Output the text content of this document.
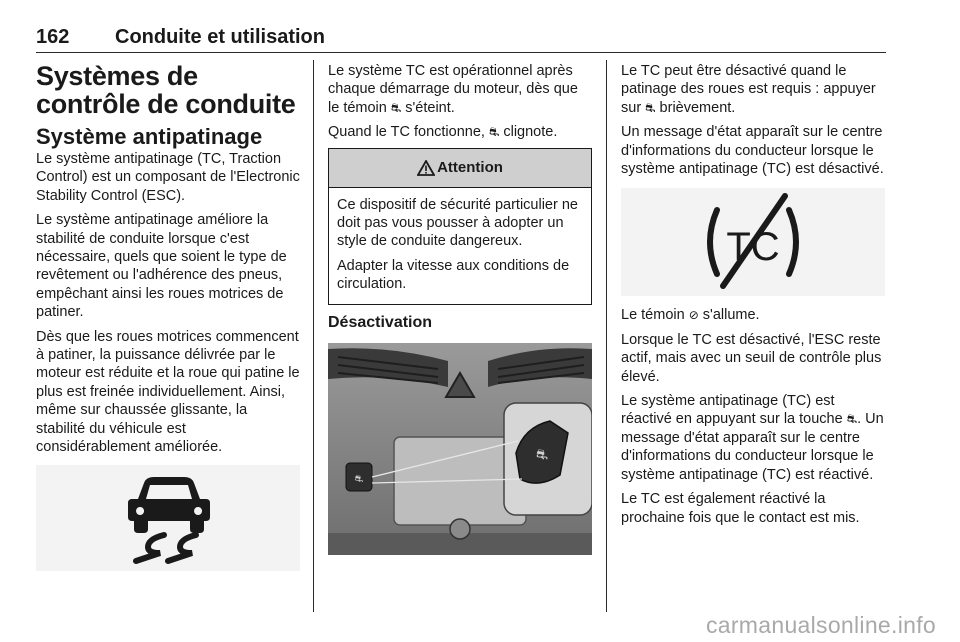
162 Conduite et utilisation
Systèmes de contrôle de conduite
Système antipatinage

Le système antipatinage (TC, Traction Control) est un composant de l'Electronic Stability Control (ESC).

Le système antipatinage améliore la stabilité de conduite lorsque c'est nécessaire, quels que soient le type de revêtement ou l'adhérence des pneus, empêchant ainsi les roues motrices de patiner.

Dès que les roues motrices commencent à patiner, la puissance délivrée par le moteur est réduite et la roue qui patine le plus est freinée individuellement. Ainsi, même sur chaussée glissante, la stabilité du véhicule est considérablement améliorée.

Le système TC est opérationnel après chaque démarrage du moteur, dès que le témoin ⛐ s'éteint.

Quand le TC fonctionne, ⛐ clignote.

Attention

Ce dispositif de sécurité particulier ne doit pas vous pousser à adopter un style de conduite dangereux.

Adapter la vitesse aux conditions de circulation.

Désactivation
⛐
⛐

Le TC peut être désactivé quand le patinage des roues est requis : appuyer sur ⛐ brièvement.

Un message d'état apparaît sur le centre d'informations du conducteur lorsque le système antipatinage (TC) est désactivé.

TC

Le témoin ⊘ s'allume.

Lorsque le TC est désactivé, l'ESC reste actif, mais avec un seuil de contrôle plus élevé.

Le système antipatinage (TC) est réactivé en appuyant sur la touche ⛐. Un message d'état apparaît sur le centre d'informations du conducteur lorsque le système antipatinage (TC) est réactivé.

Le TC est également réactivé la prochaine fois que le contact est mis.

carmanualsonline.info
